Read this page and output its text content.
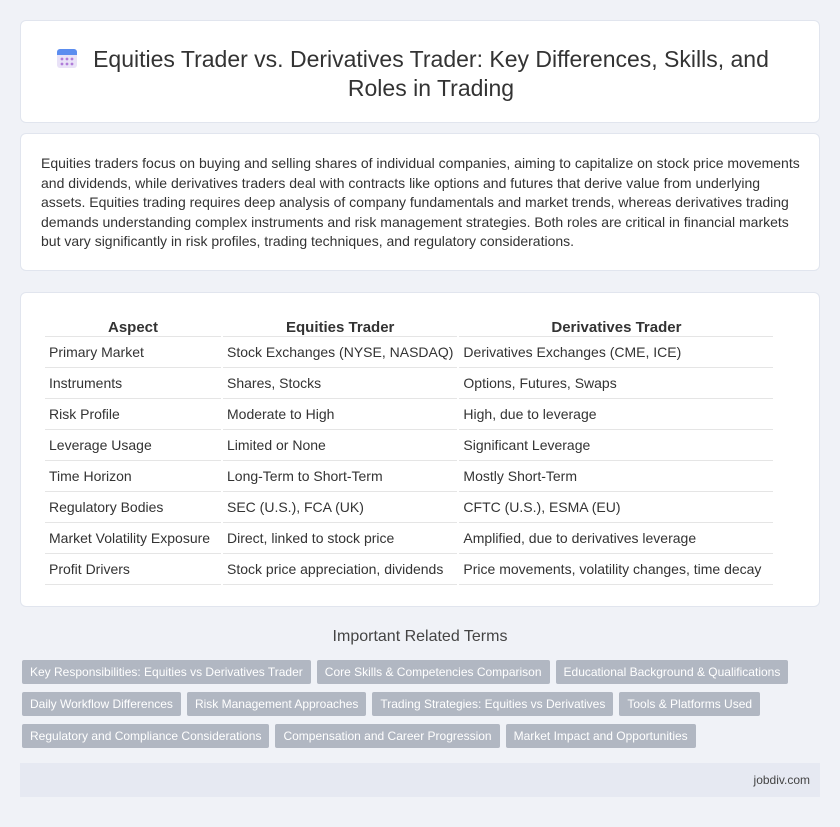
Equities Trader vs. Derivatives Trader: Key Differences, Skills, and Roles in Trading

Equities traders focus on buying and selling shares of individual companies, aiming to capitalize on stock price movements and dividends, while derivatives traders deal with contracts like options and futures that derive value from underlying assets. Equities trading requires deep analysis of company fundamentals and market trends, whereas derivatives trading demands understanding complex instruments and risk management strategies. Both roles are critical in financial markets but vary significantly in risk profiles, trading techniques, and regulatory considerations.

Aspect	Equities Trader	Derivatives Trader
Primary Market	Stock Exchanges (NYSE, NASDAQ)	Derivatives Exchanges (CME, ICE)
Instruments	Shares, Stocks	Options, Futures, Swaps
Risk Profile	Moderate to High	High, due to leverage
Leverage Usage	Limited or None	Significant Leverage
Time Horizon	Long-Term to Short-Term	Mostly Short-Term
Regulatory Bodies	SEC (U.S.), FCA (UK)	CFTC (U.S.), ESMA (EU)
Market Volatility Exposure	Direct, linked to stock price	Amplified, due to derivatives leverage
Profit Drivers	Stock price appreciation, dividends	Price movements, volatility changes, time decay
Important Related Terms
Key Responsibilities: Equities vs Derivatives Trader	Core Skills & Competencies Comparison	Educational Background & Qualifications
Daily Workflow Differences	Risk Management Approaches	Trading Strategies: Equities vs Derivatives	Tools & Platforms Used
Regulatory and Compliance Considerations	Compensation and Career Progression	Market Impact and Opportunities
jobdiv.com
